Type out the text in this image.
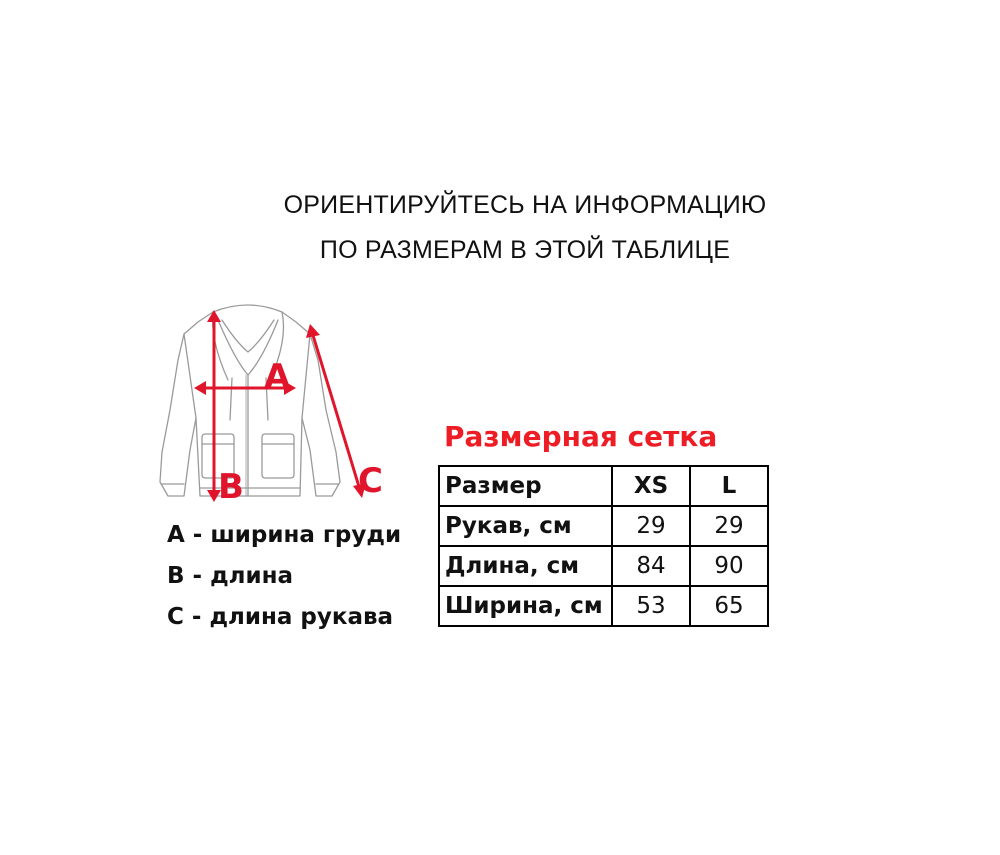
ОРИЕНТИРУЙТЕСЬ НА ИНФОРМАЦИЮ
ПО РАЗМЕРАМ В ЭТОЙ ТАБЛИЦЕ
A
B	C
А - ширина груди
В - длина
С - длина рукава
Размерная сетка
Размер	XS	L
Рукав, см	29	29
Длина, см	84	90
Ширина, см	53	65
